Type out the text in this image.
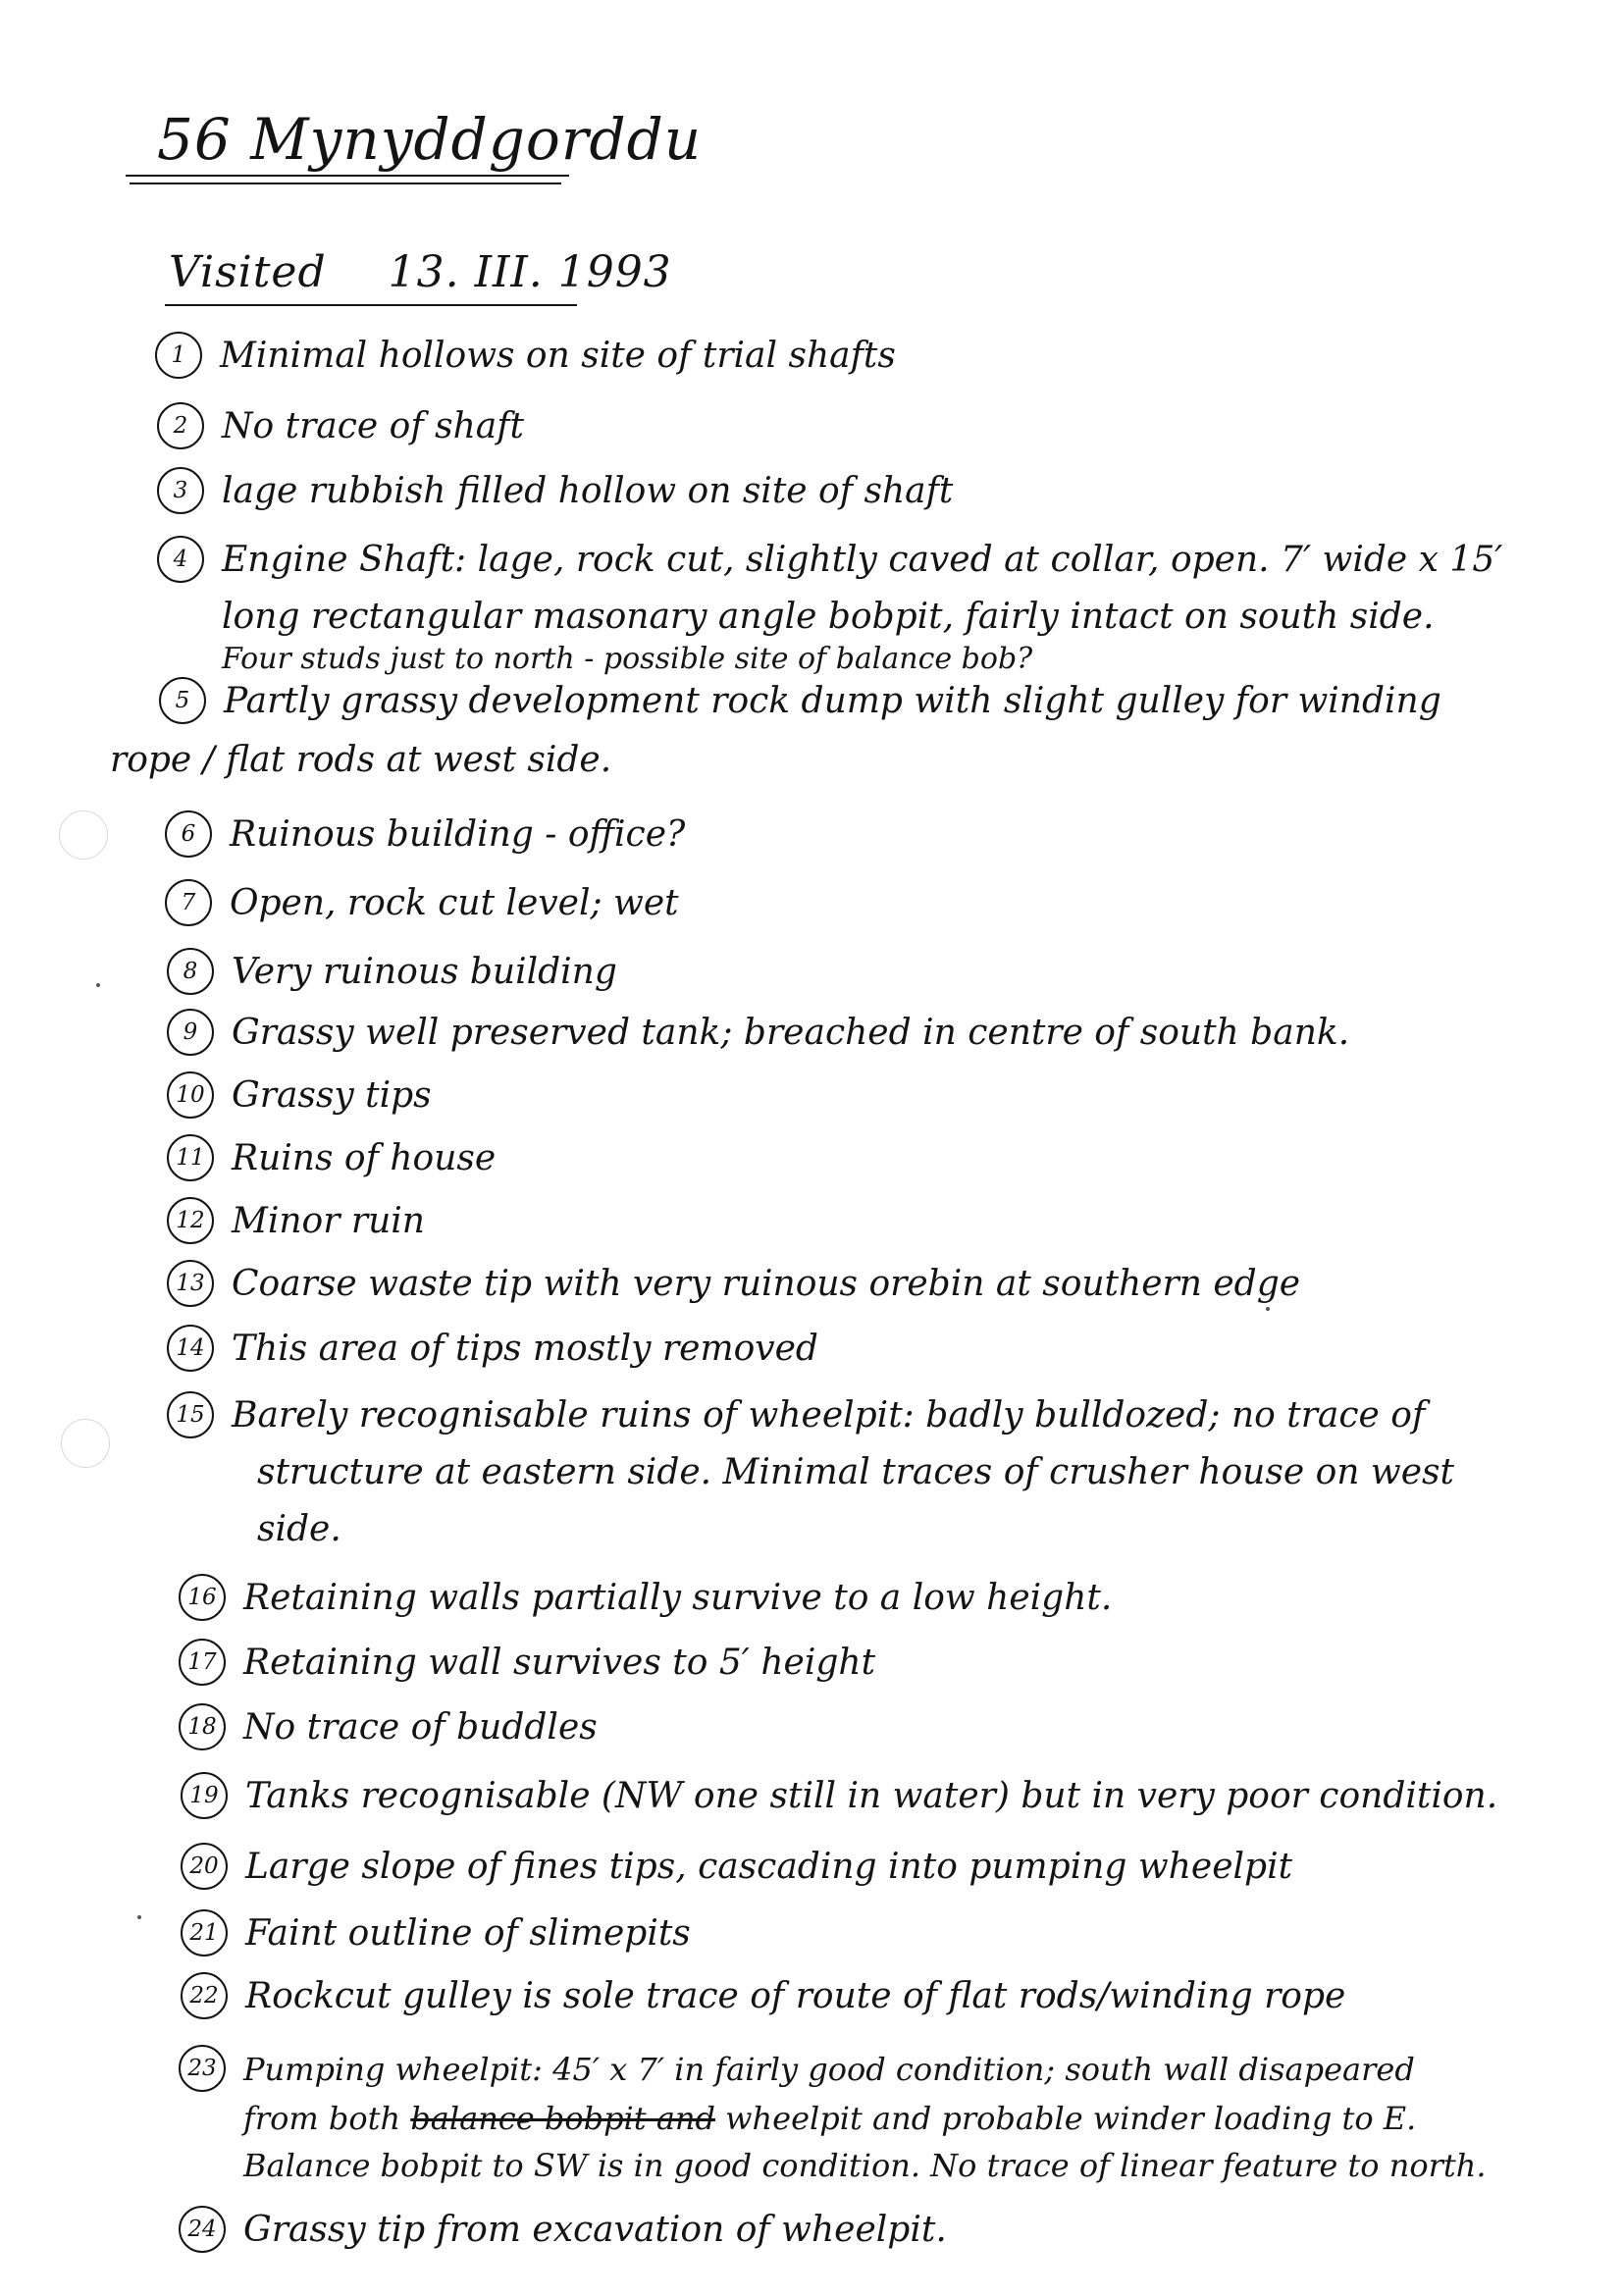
56 Mynyddgorddu
Visited 13. III. 1993
1 Minimal hollows on site of trial shafts
2 No trace of shaft
3 lage rubbish filled hollow on site of shaft
4 Engine Shaft: lage, rock cut, slightly caved at collar, open. 7′ wide x 15′
long rectangular masonary angle bobpit, fairly intact on south side.
Four studs just to north - possible site of balance bob?
5 Partly grassy development rock dump with slight gulley for winding
rope / flat rods at west side.
6 Ruinous building - office?
7 Open, rock cut level; wet
8 Very ruinous building
9 Grassy well preserved tank; breached in centre of south bank.
10 Grassy tips
11 Ruins of house
12 Minor ruin
13 Coarse waste tip with very ruinous orebin at southern edge
14 This area of tips mostly removed
15 Barely recognisable ruins of wheelpit: badly bulldozed; no trace of
structure at eastern side. Minimal traces of crusher house on west
side.
16 Retaining walls partially survive to a low height.
17 Retaining wall survives to 5′ height
18 No trace of buddles
19 Tanks recognisable (NW one still in water) but in very poor condition.
20 Large slope of fines tips, cascading into pumping wheelpit
21 Faint outline of slimepits
22 Rockcut gulley is sole trace of route of flat rods/winding rope
23 Pumping wheelpit: 45′ x 7′ in fairly good condition; south wall disapeared
from both balance bobpit and wheelpit and probable winder loading to E.
Balance bobpit to SW is in good condition. No trace of linear feature to north.
24 Grassy tip from excavation of wheelpit.
